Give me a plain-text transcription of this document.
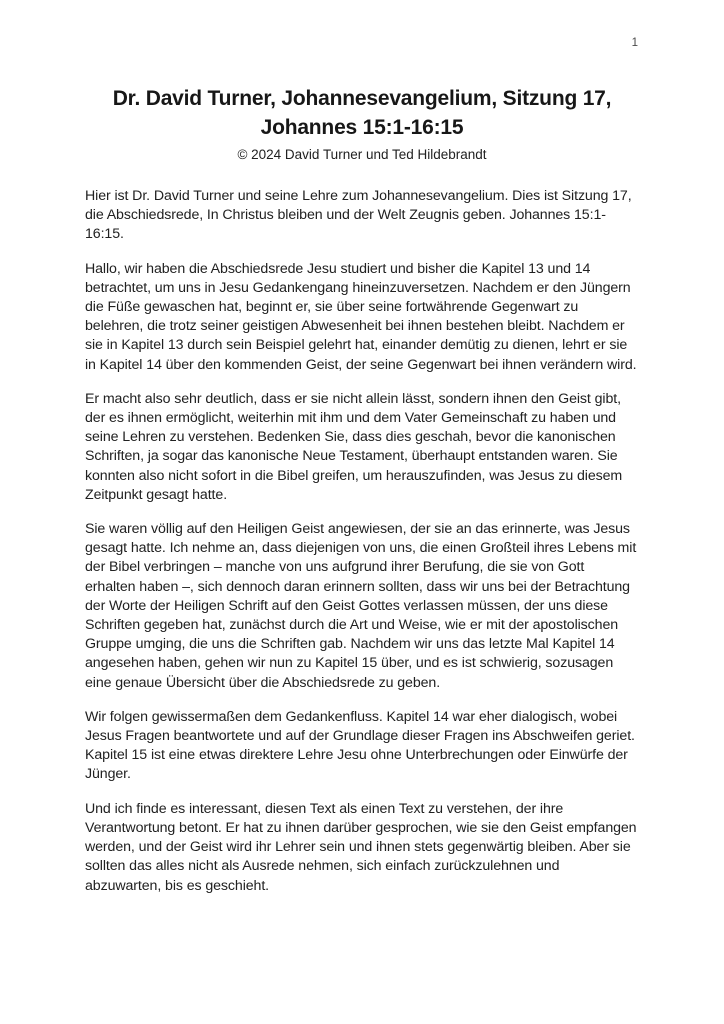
1
Dr. David Turner, Johannesevangelium, Sitzung 17,
Johannes 15:1-16:15
© 2024 David Turner und Ted Hildebrandt

Hier ist Dr. David Turner und seine Lehre zum Johannesevangelium. Dies ist Sitzung 17, die Abschiedsrede, In Christus bleiben und der Welt Zeugnis geben. Johannes 15:1-16:15.

Hallo, wir haben die Abschiedsrede Jesu studiert und bisher die Kapitel 13 und 14 betrachtet, um uns in Jesu Gedankengang hineinzuversetzen. Nachdem er den Jüngern die Füße gewaschen hat, beginnt er, sie über seine fortwährende Gegenwart zu belehren, die trotz seiner geistigen Abwesenheit bei ihnen bestehen bleibt. Nachdem er sie in Kapitel 13 durch sein Beispiel gelehrt hat, einander demütig zu dienen, lehrt er sie in Kapitel 14 über den kommenden Geist, der seine Gegenwart bei ihnen verändern wird.

Er macht also sehr deutlich, dass er sie nicht allein lässt, sondern ihnen den Geist gibt, der es ihnen ermöglicht, weiterhin mit ihm und dem Vater Gemeinschaft zu haben und seine Lehren zu verstehen. Bedenken Sie, dass dies geschah, bevor die kanonischen Schriften, ja sogar das kanonische Neue Testament, überhaupt entstanden waren. Sie konnten also nicht sofort in die Bibel greifen, um herauszufinden, was Jesus zu diesem Zeitpunkt gesagt hatte.

Sie waren völlig auf den Heiligen Geist angewiesen, der sie an das erinnerte, was Jesus gesagt hatte. Ich nehme an, dass diejenigen von uns, die einen Großteil ihres Lebens mit der Bibel verbringen – manche von uns aufgrund ihrer Berufung, die sie von Gott erhalten haben –, sich dennoch daran erinnern sollten, dass wir uns bei der Betrachtung der Worte der Heiligen Schrift auf den Geist Gottes verlassen müssen, der uns diese Schriften gegeben hat, zunächst durch die Art und Weise, wie er mit der apostolischen Gruppe umging, die uns die Schriften gab. Nachdem wir uns das letzte Mal Kapitel 14 angesehen haben, gehen wir nun zu Kapitel 15 über, und es ist schwierig, sozusagen eine genaue Übersicht über die Abschiedsrede zu geben.

Wir folgen gewissermaßen dem Gedankenfluss. Kapitel 14 war eher dialogisch, wobei Jesus Fragen beantwortete und auf der Grundlage dieser Fragen ins Abschweifen geriet. Kapitel 15 ist eine etwas direktere Lehre Jesu ohne Unterbrechungen oder Einwürfe der Jünger.

Und ich finde es interessant, diesen Text als einen Text zu verstehen, der ihre Verantwortung betont. Er hat zu ihnen darüber gesprochen, wie sie den Geist empfangen werden, und der Geist wird ihr Lehrer sein und ihnen stets gegenwärtig bleiben. Aber sie sollten das alles nicht als Ausrede nehmen, sich einfach zurückzulehnen und abzuwarten, bis es geschieht.
